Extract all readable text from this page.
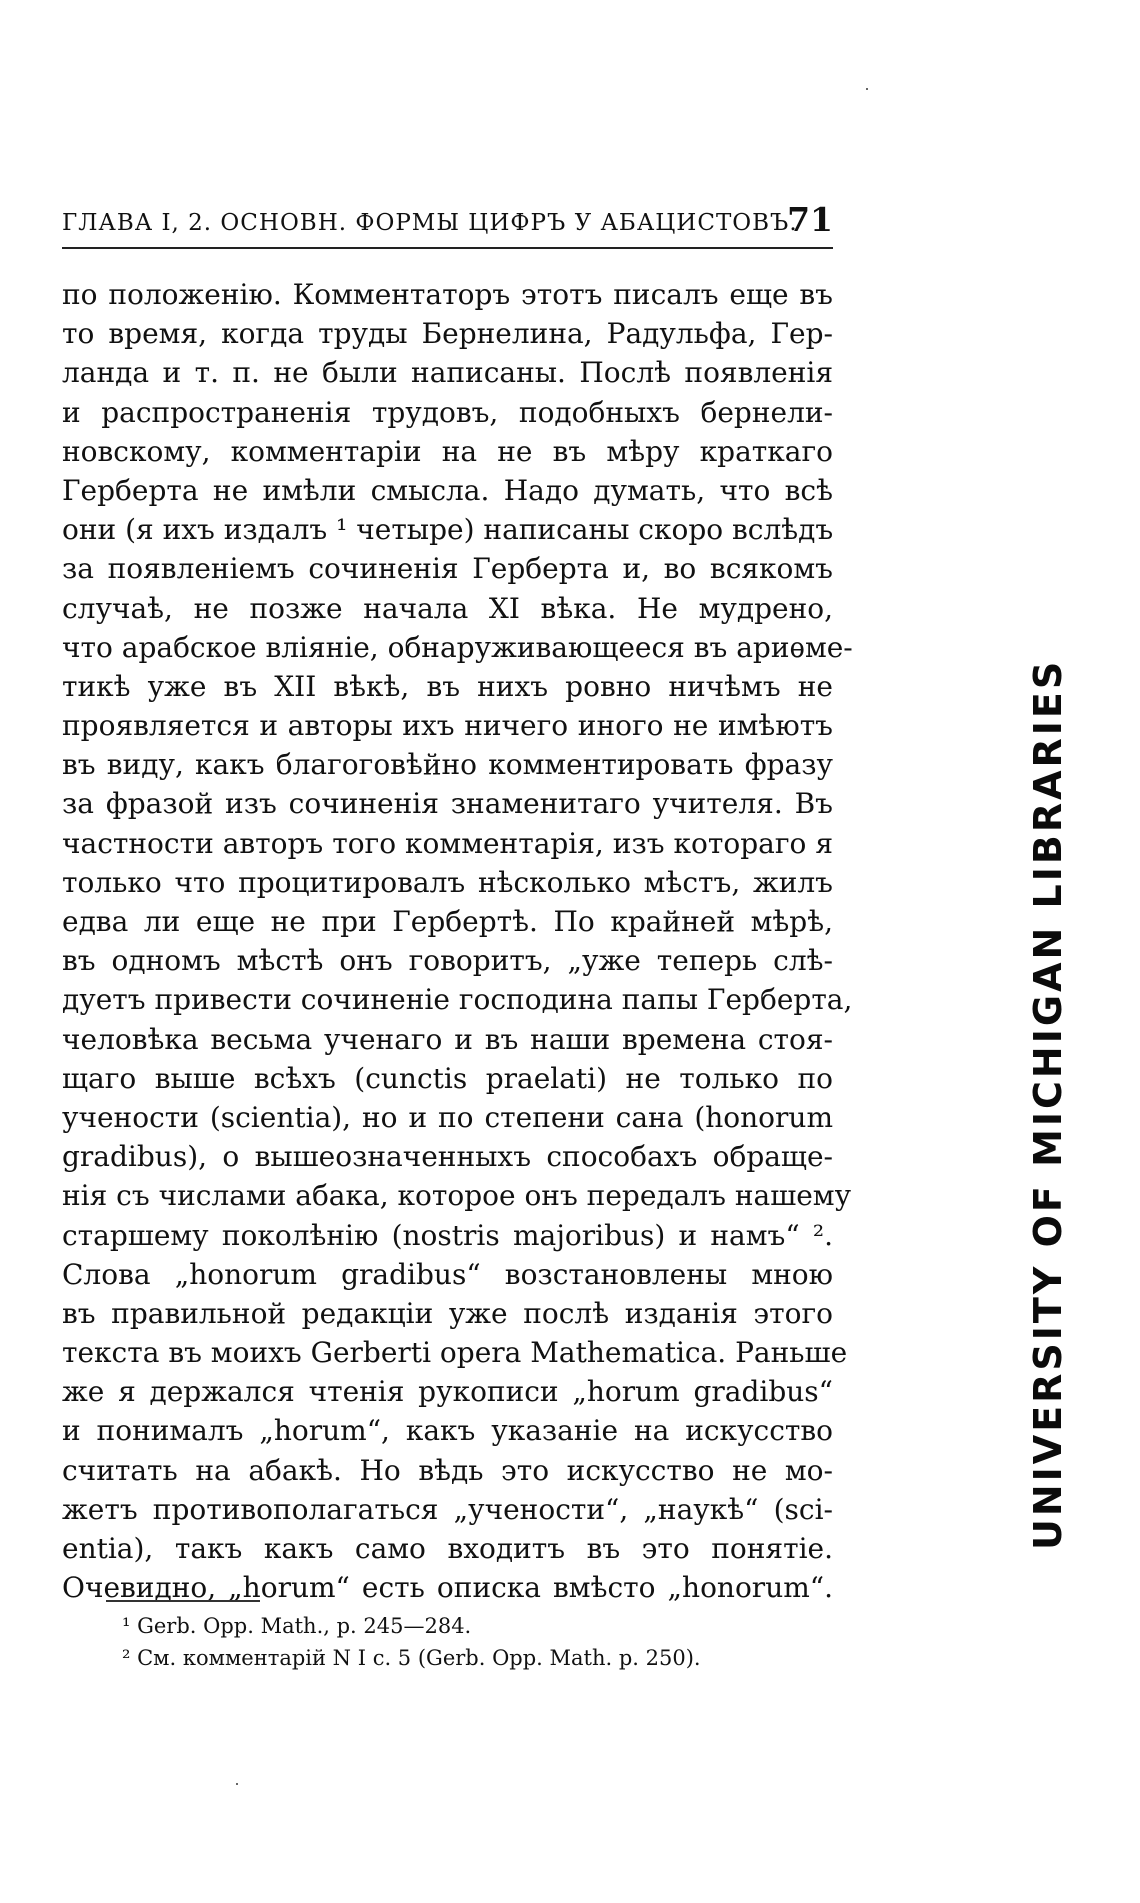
ГЛАВА I, 2. ОСНОВН. ФОРМЫ ЦИФРЪ У АБАЦИСТОВЪ.
71
по положенію. Комментаторъ этотъ писалъ еще въ
то время, когда труды Бернелина, Радульфа, Гер-
ланда и т. п. не были написаны. Послѣ появленія
и распространенія трудовъ, подобныхъ бернели-
новскому, комментаріи на не въ мѣру краткаго
Герберта не имѣли смысла. Надо думать, что всѣ
они (я ихъ издалъ ¹ четыре) написаны скоро вслѣдъ
за появленіемъ сочиненія Герберта и, во всякомъ
случаѣ, не позже начала XI вѣка. Не мудрено,
что арабское вліяніе, обнаруживающееся въ ариѳме-
тикѣ уже въ XII вѣкѣ, въ нихъ ровно ничѣмъ не
проявляется и авторы ихъ ничего иного не имѣютъ
въ виду, какъ благоговѣйно комментировать фразу
за фразой изъ сочиненія знаменитаго учителя. Въ
частности авторъ того комментарія, изъ котораго я
только что процитировалъ нѣсколько мѣстъ, жилъ
едва ли еще не при Гербертѣ. По крайней мѣрѣ,
въ одномъ мѣстѣ онъ говоритъ, „уже теперь слѣ-
дуетъ привести сочиненіе господина папы Герберта,
человѣка весьма ученаго и въ наши времена стоя-
щаго выше всѣхъ (cunctis praelati) не только по
учености (scientia), но и по степени сана (honorum
gradibus), о вышеозначенныхъ способахъ обраще-
нія съ числами абака, которое онъ передалъ нашему
старшему поколѣнію (nostris majoribus) и намъ“ ².
Слова „honorum gradibus“ возстановлены мною
въ правильной редакціи уже послѣ изданія этого
текста въ моихъ Gerberti opera Mathematica. Раньше
же я держался чтенія рукописи „horum gradibus“
и понималъ „horum“, какъ указаніе на искусство
считать на абакѣ. Но вѣдь это искусство не мо-
жетъ противополагаться „учености“, „наукѣ“ (sci-
entia), такъ какъ само входитъ въ это понятіе.
Очевидно, „horum“ есть описка вмѣсто „honorum“.
¹ Gerb. Opp. Math., p. 245—284.
² См. комментарій N I с. 5 (Gerb. Opp. Math. p. 250).
UNIVERSITY OF MICHIGAN LIBRARIES
